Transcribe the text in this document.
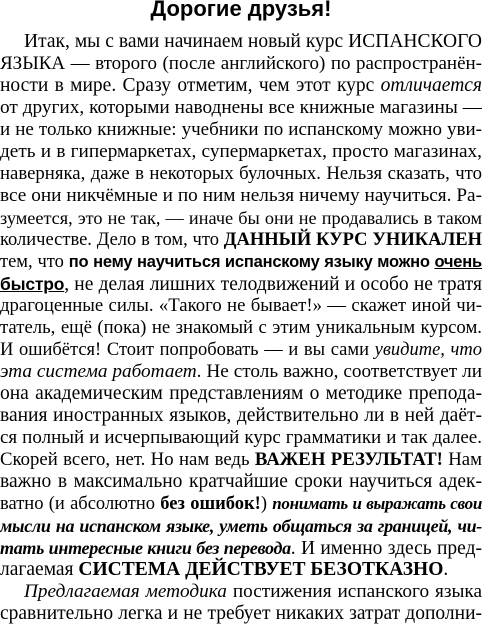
Дорогие друзья!
Итак, мы с вами начинаем новый курс ИСПАНСКОГО
ЯЗЫКА — второго (после английского) по распространён-
ности в мире. Сразу отметим, чем этот курс отличается
от других, которыми наводнены все книжные магазины —
и не только книжные: учебники по испанскому можно уви-
деть и в гипермаркетах, супермаркетах, просто магазинах,
наверняка, даже в некоторых булочных. Нельзя сказать, что
все они никчёмные и по ним нельзя ничему научиться. Ра-
зумеется, это не так, — иначе бы они не продавались в таком
количестве. Дело в том, что ДАННЫЙ КУРС УНИКАЛЕН
тем, что по нему научиться испанскому языку можно очень
быстро, не делая лишних телодвижений и особо не тратя
драгоценные силы. «Такого не бывает!» — скажет иной чи-
татель, ещё (пока) не знакомый с этим уникальным курсом.
И ошибётся! Стоит попробовать — и вы сами увидите, что
эта система работает. Не столь важно, соответствует ли
она академическим представлениям о методике препода-
вания иностранных языков, действительно ли в ней даёт-
ся полный и исчерпывающий курс грамматики и так далее.
Скорей всего, нет. Но нам ведь ВАЖЕН РЕЗУЛЬТАТ! Нам
важно в максимально кратчайшие сроки научиться адек-
ватно (и абсолютно без ошибок!) понимать и выражать свои
мысли на испанском языке, уметь общаться за границей, чи-
тать интересные книги без перевода. И именно здесь пред-
лагаемая СИСТЕМА ДЕЙСТВУЕТ БЕЗОТКАЗНО.
Предлагаемая методика постижения испанского языка
сравнительно легка и не требует никаких затрат дополни-
